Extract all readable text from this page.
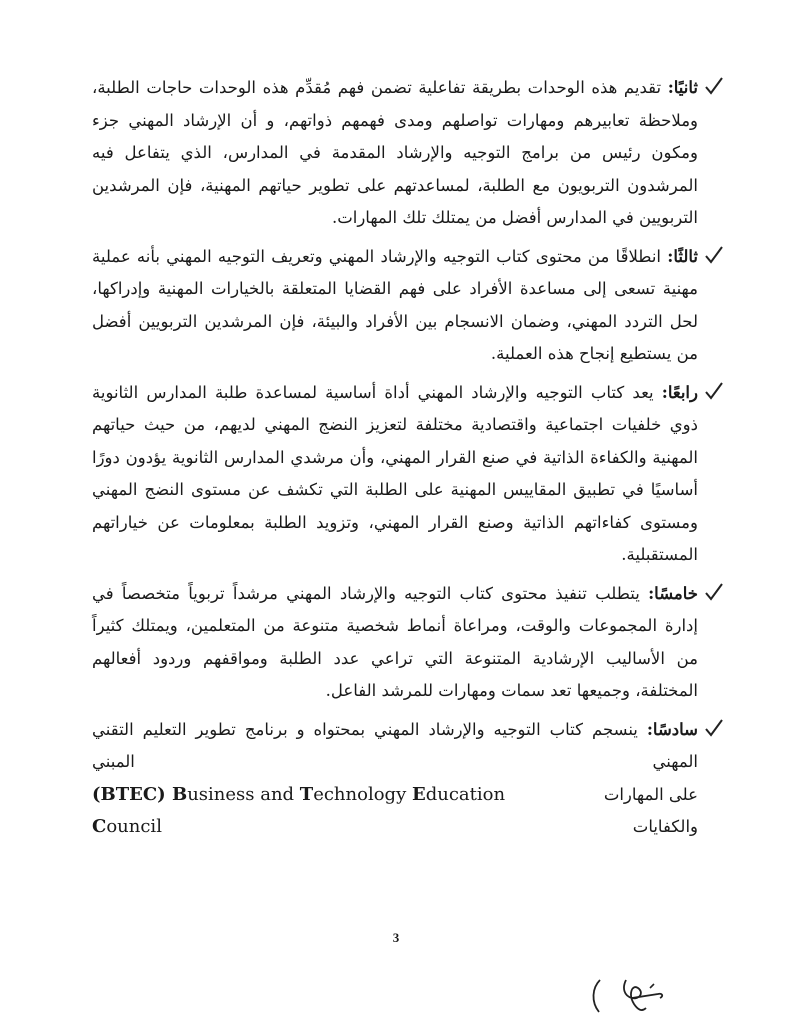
ثانيًا: تقديم هذه الوحدات بطريقة تفاعلية تضمن فهم مُقدِّم هذه الوحدات حاجات الطلبة، وملاحظة تعابيرهم ومهارات تواصلهم ومدى فهمهم ذواتهم، و أن الإرشاد المهني جزء ومكون رئيس من برامج التوجيه والإرشاد المقدمة في المدارس، الذي يتفاعل فيه المرشدون التربويون مع الطلبة، لمساعدتهم على تطوير حياتهم المهنية، فإن المرشدين التربويين في المدارس أفضل من يمتلك تلك المهارات.

ثالثًا: انطلاقًا من محتوى كتاب التوجيه والإرشاد المهني وتعريف التوجيه المهني بأنه عملية مهنية تسعى إلى مساعدة الأفراد على فهم القضايا المتعلقة بالخيارات المهنية وإدراكها، لحل التردد المهني، وضمان الانسجام بين الأفراد والبيئة، فإن المرشدين التربويين أفضل من يستطيع إنجاح هذه العملية.

رابعًا: يعد كتاب التوجيه والإرشاد المهني أداة أساسية لمساعدة طلبة المدارس الثانوية ذوي خلفيات اجتماعية واقتصادية مختلفة لتعزيز النضج المهني لديهم، من حيث حياتهم المهنية والكفاءة الذاتية في صنع القرار المهني، وأن مرشدي المدارس الثانوية يؤدون دورًا أساسيًا في تطبيق المقاييس المهنية على الطلبة التي تكشف عن مستوى النضج المهني ومستوى كفاءاتهم الذاتية وصنع القرار المهني، وتزويد الطلبة بمعلومات عن خياراتهم المستقبلية.

خامسًا: يتطلب تنفيذ محتوى كتاب التوجيه والإرشاد المهني مرشداً تربوياً متخصصاً في إدارة المجموعات والوقت، ومراعاة أنماط شخصية متنوعة من المتعلمين، ويمتلك كثيراً من الأساليب الإرشادية المتنوعة التي تراعي عدد الطلبة ومواقفهم وردود أفعالهم المختلفة، وجميعها تعد سمات ومهارات للمرشد الفاعل.

سادسًا: ينسجم كتاب التوجيه والإرشاد المهني بمحتواه و برنامج تطوير التعليم التقني المهني المبني

على المهارات والكفايات
(BTEC) Business and Technology Education Council
3
